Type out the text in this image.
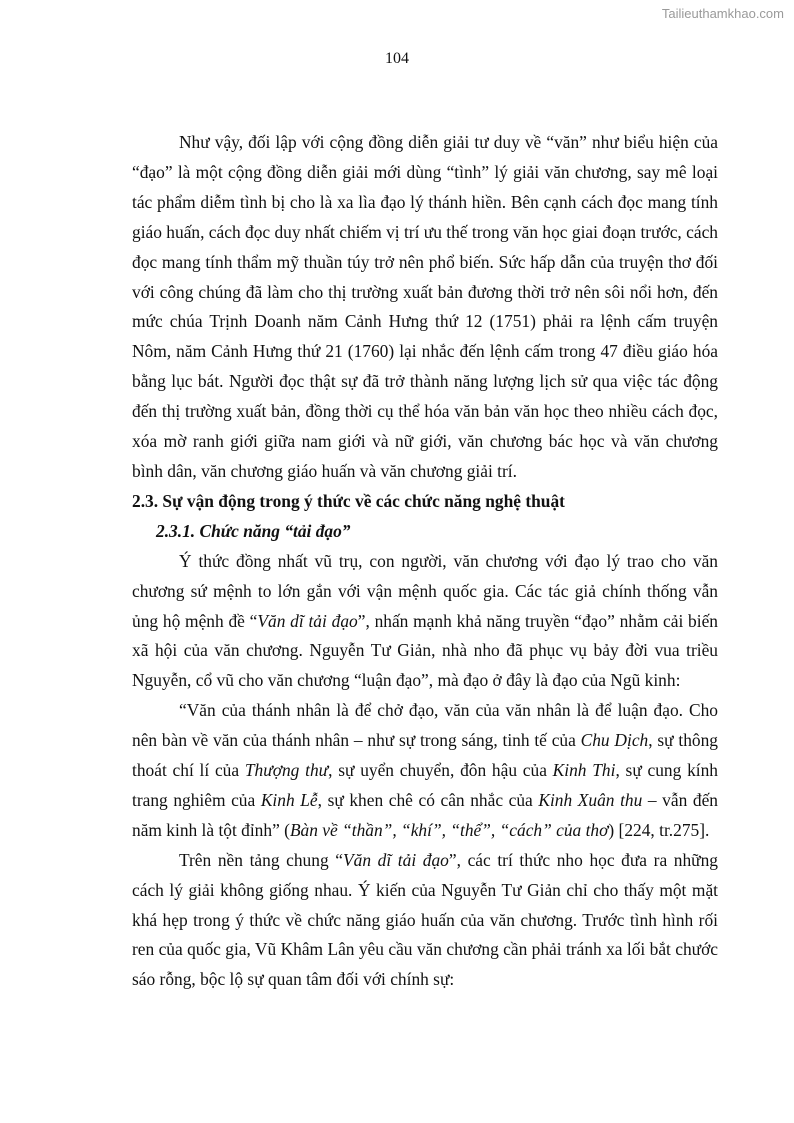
Tailieuthamkhao.com
104

Như vậy, đối lập với cộng đồng diễn giải tư duy về “văn” như biểu hiện của “đạo” là một cộng đồng diễn giải mới dùng “tình” lý giải văn chương, say mê loại tác phẩm diễm tình bị cho là xa lìa đạo lý thánh hiền. Bên cạnh cách đọc mang tính giáo huấn, cách đọc duy nhất chiếm vị trí ưu thế trong văn học giai đoạn trước, cách đọc mang tính thẩm mỹ thuần túy trở nên phổ biến. Sức hấp dẫn của truyện thơ đối với công chúng đã làm cho thị trường xuất bản đương thời trở nên sôi nổi hơn, đến mức chúa Trịnh Doanh năm Cảnh Hưng thứ 12 (1751) phải ra lệnh cấm truyện Nôm, năm Cảnh Hưng thứ 21 (1760) lại nhắc đến lệnh cấm trong 47 điều giáo hóa bằng lục bát. Người đọc thật sự đã trở thành năng lượng lịch sử qua việc tác động đến thị trường xuất bản, đồng thời cụ thể hóa văn bản văn học theo nhiều cách đọc, xóa mờ ranh giới giữa nam giới và nữ giới, văn chương bác học và văn chương bình dân, văn chương giáo huấn và văn chương giải trí.

2.3. Sự vận động trong ý thức về các chức năng nghệ thuật

2.3.1. Chức năng “tải đạo”

Ý thức đồng nhất vũ trụ, con người, văn chương với đạo lý trao cho văn chương sứ mệnh to lớn gắn với vận mệnh quốc gia. Các tác giả chính thống vẫn ủng hộ mệnh đề “Văn dĩ tải đạo”, nhấn mạnh khả năng truyền “đạo” nhằm cải biến xã hội của văn chương. Nguyễn Tư Giản, nhà nho đã phục vụ bảy đời vua triều Nguyễn, cổ vũ cho văn chương “luận đạo”, mà đạo ở đây là đạo của Ngũ kinh:

“Văn của thánh nhân là để chở đạo, văn của văn nhân là để luận đạo. Cho nên bàn về văn của thánh nhân – như sự trong sáng, tinh tế của Chu Dịch, sự thông thoát chí lí của Thượng thư, sự uyển chuyển, đôn hậu của Kinh Thi, sự cung kính trang nghiêm của Kinh Lễ, sự khen chê có cân nhắc của Kinh Xuân thu – vẫn đến năm kinh là tột đỉnh” (Bàn về “thần”, “khí”, “thể”, “cách” của thơ) [224, tr.275].

Trên nền tảng chung “Văn dĩ tải đạo”, các trí thức nho học đưa ra những cách lý giải không giống nhau. Ý kiến của Nguyễn Tư Giản chỉ cho thấy một mặt khá hẹp trong ý thức về chức năng giáo huấn của văn chương. Trước tình hình rối ren của quốc gia, Vũ Khâm Lân yêu cầu văn chương cần phải tránh xa lối bắt chước sáo rỗng, bộc lộ sự quan tâm đối với chính sự:
